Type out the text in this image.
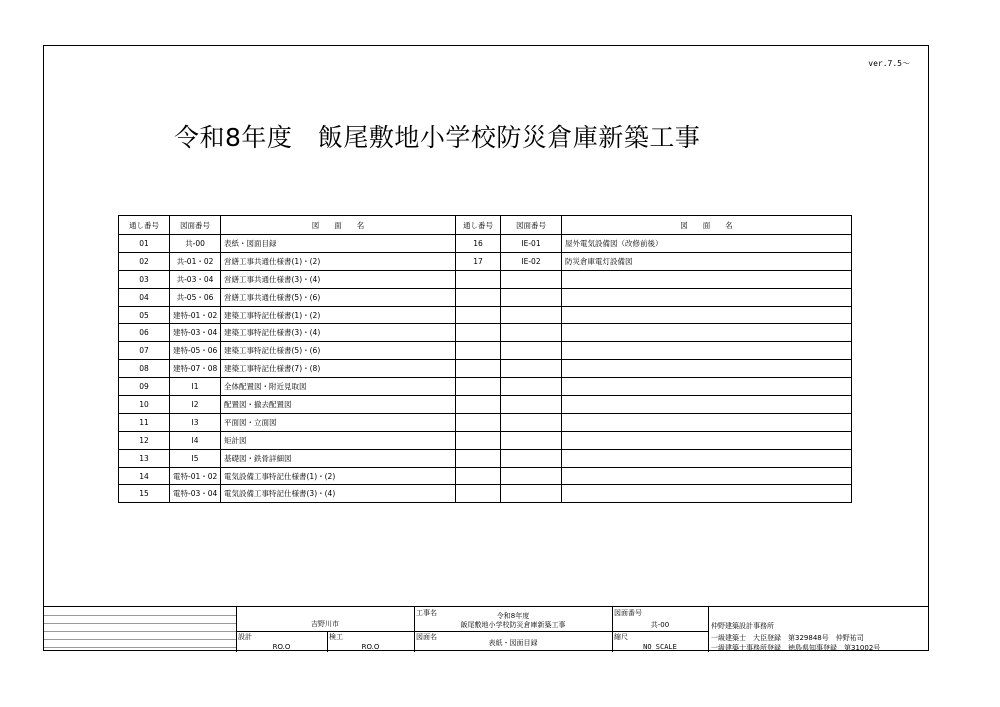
ver.7.5～
令和8年度　飯尾敷地小学校防災倉庫新築工事
通し番号	図面番号	図　　面　　名	通し番号	図面番号	図　　面　　名
01	共-00	表紙・図面目録	16	IE-01	屋外電気設備図（改修前後）
02	共-01・02	営繕工事共通仕様書(1)・(2)	17	IE-02	防災倉庫電灯設備図
03	共-03・04	営繕工事共通仕様書(3)・(4)			
04	共-05・06	営繕工事共通仕様書(5)・(6)			
05	建特-01・02	建築工事特記仕様書(1)・(2)			
06	建特-03・04	建築工事特記仕様書(3)・(4)			
07	建特-05・06	建築工事特記仕様書(5)・(6)			
08	建特-07・08	建築工事特記仕様書(7)・(8)			
09	I1	全体配置図・附近見取図			
10	I2	配置図・撤去配置図			
11	I3	平面図・立面図			
12	I4	矩計図			
13	I5	基礎図・鉄骨詳細図			
14	電特-01・02	電気設備工事特記仕様書(1)・(2)			
15	電特-03・04	電気設備工事特記仕様書(3)・(4)			
吉野川市
設計
RO.O
検工
RO.O
工事名	令和8年度
飯尾敷地小学校防災倉庫新築工事
図面名
表紙・図面目録
図面番号
共-00
縮尺
NO SCALE
仲野建築設計事務所
一級建築士　大臣登録　第329848号　仲野祐司
一級建築士事務所登録　徳島県知事登録　第31002号
